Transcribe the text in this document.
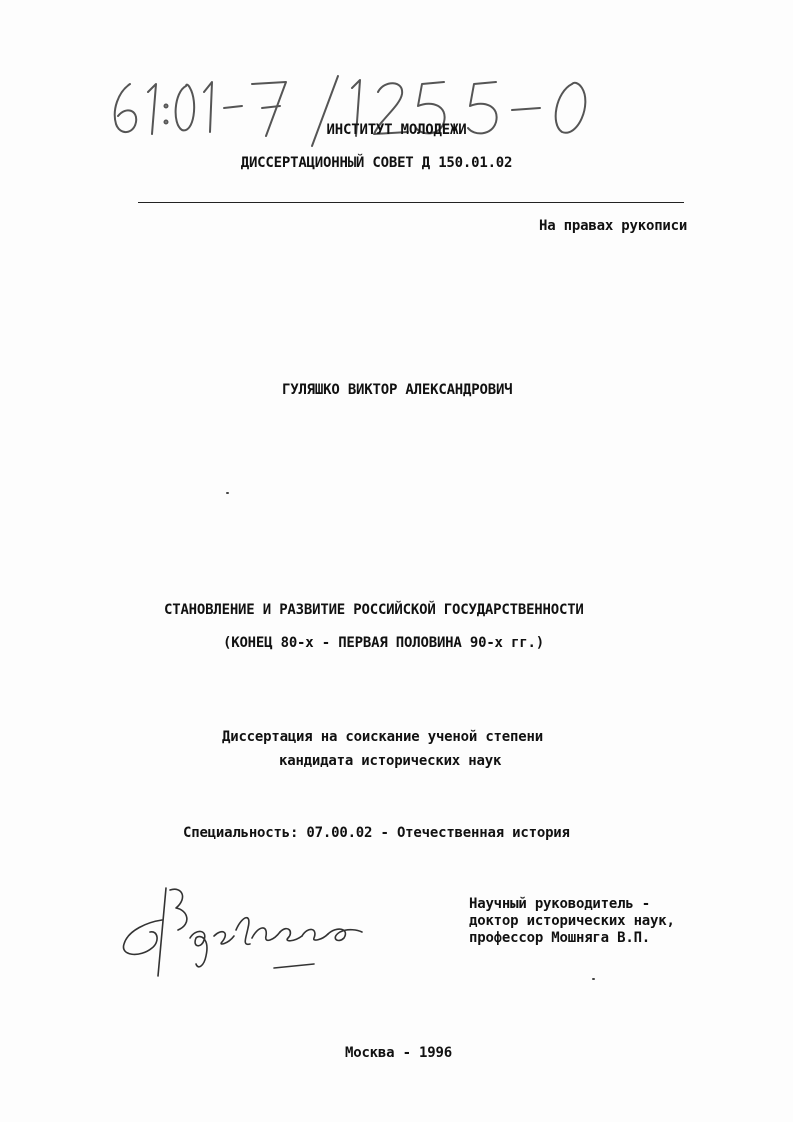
ИНСТИТУТ МОЛОДЕЖИ
ДИССЕРТАЦИОННЫЙ СОВЕТ Д 150.01.02
На правах рукописи
ГУЛЯШКО ВИКТОР АЛЕКСАНДРОВИЧ
СТАНОВЛЕНИЕ И РАЗВИТИЕ РОССИЙСКОЙ ГОСУДАРСТВЕННОСТИ
(КОНЕЦ 80-х - ПЕРВАЯ ПОЛОВИНА 90-х гг.)
Диссертация на соискание ученой степени
кандидата исторических наук
Специальность: 07.00.02 - Отечественная история
Научный руководитель -
доктор исторических наук,
профессор Мошняга В.П.
Москва - 1996
